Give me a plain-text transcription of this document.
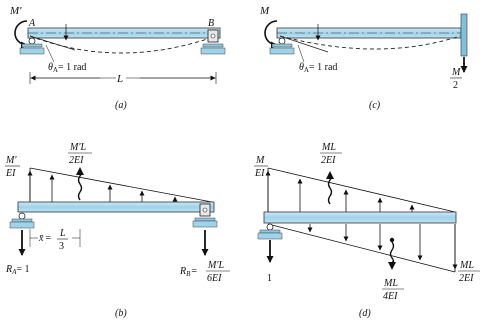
M′
A	B
$\theta_A= 1$ rad
L
(a)
M
$\theta_A= 1$ rad	M
2
(c)
M′L
2EI
M′
EI
x̄ = L
3
$R_A= 1$	$R_B=$
M′L
6EI
(b)
ML
2EI
ML
4EI
M
EI
ML
2EI
1
(d)
